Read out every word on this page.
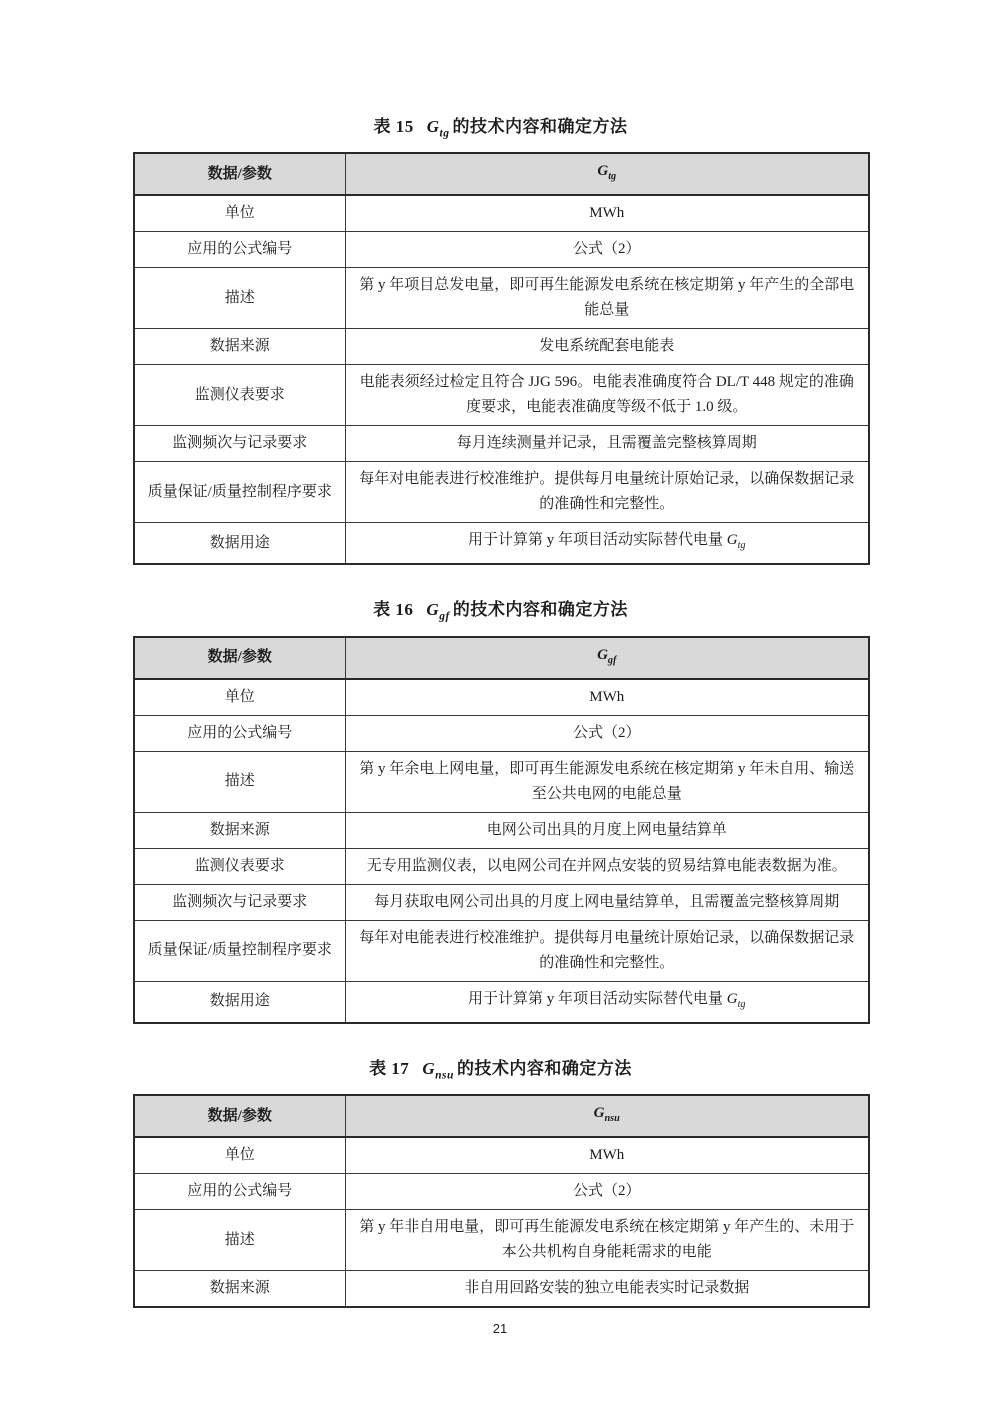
表 15 $G_{tg}$ 的技术内容和确定方法
数据/参数	$G_{tg}$
单位	MWh
应用的公式编号	公式（2）
描述	第 y 年项目总发电量，即可再生能源发电系统在核定期第 y 年产生的全部电能总量
数据来源	发电系统配套电能表
监测仪表要求	电能表须经过检定且符合 JJG 596。电能表准确度符合 DL/T 448 规定的准确度要求，电能表准确度等级不低于 1.0 级。
监测频次与记录要求	每月连续测量并记录，且需覆盖完整核算周期
质量保证/质量控制程序要求	每年对电能表进行校准维护。提供每月电量统计原始记录，以确保数据记录的准确性和完整性。
数据用途	用于计算第 y 年项目活动实际替代电量 $G_{tg}$
表 16 $G_{gf}$ 的技术内容和确定方法
数据/参数	$G_{gf}$
单位	MWh
应用的公式编号	公式（2）
描述	第 y 年余电上网电量，即可再生能源发电系统在核定期第 y 年未自用、输送至公共电网的电能总量
数据来源	电网公司出具的月度上网电量结算单
监测仪表要求	无专用监测仪表，以电网公司在并网点安装的贸易结算电能表数据为准。
监测频次与记录要求	每月获取电网公司出具的月度上网电量结算单，且需覆盖完整核算周期
质量保证/质量控制程序要求	每年对电能表进行校准维护。提供每月电量统计原始记录，以确保数据记录的准确性和完整性。
数据用途	用于计算第 y 年项目活动实际替代电量 $G_{tg}$
表 17 $G_{nsu}$ 的技术内容和确定方法
数据/参数	$G_{nsu}$
单位	MWh
应用的公式编号	公式（2）
描述	第 y 年非自用电量，即可再生能源发电系统在核定期第 y 年产生的、未用于本公共机构自身能耗需求的电能
数据来源	非自用回路安装的独立电能表实时记录数据
21
